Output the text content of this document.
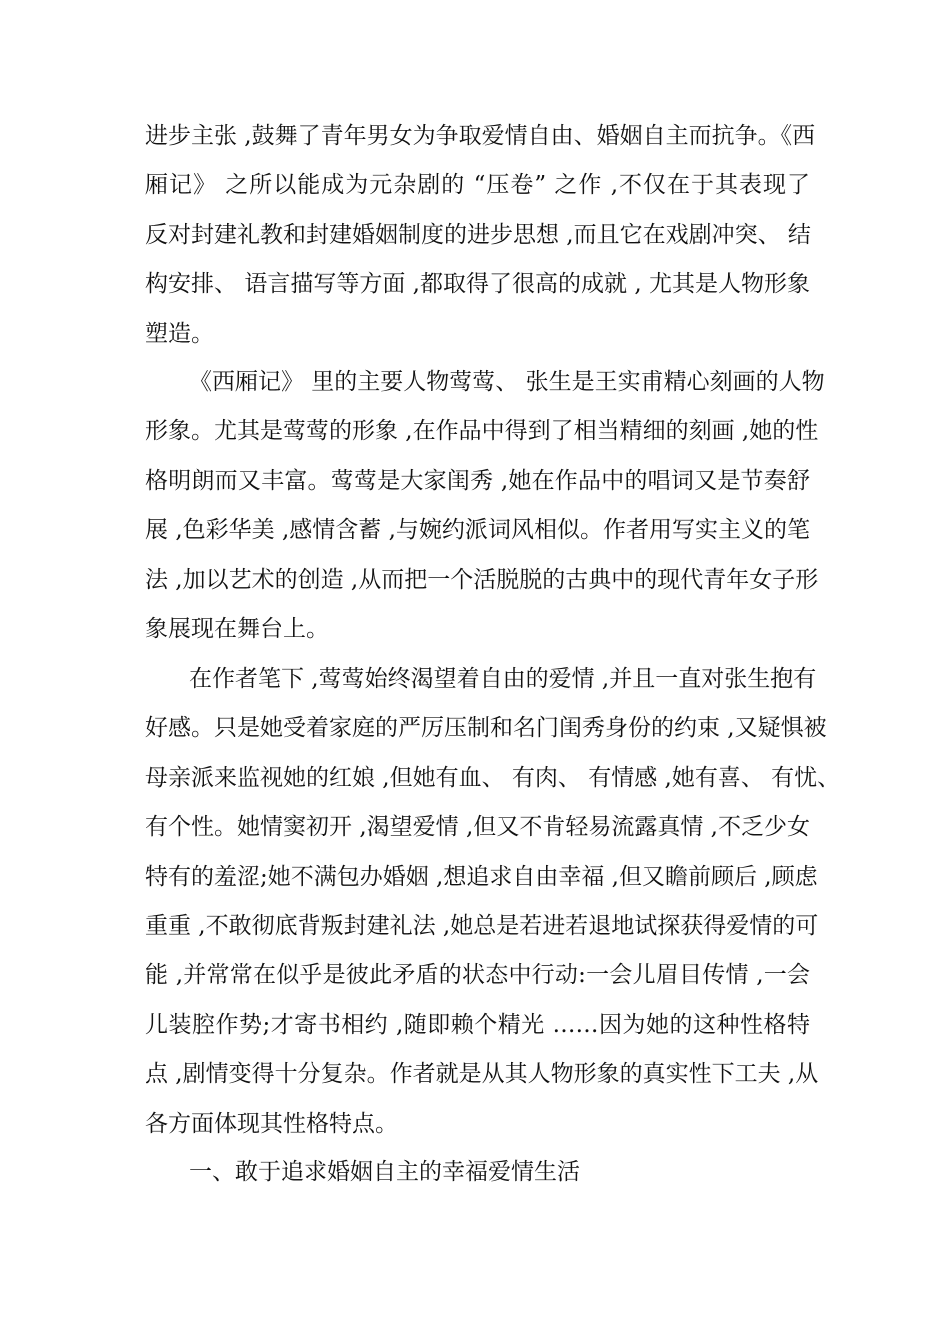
进步主张 ,鼓舞了青年男女为争取爱情自由、婚姻自主而抗争。《西
厢记》 之所以能成为元杂剧的 “压卷” 之作 ,不仅在于其表现了
反对封建礼教和封建婚姻制度的进步思想 ,而且它在戏剧冲突、 结
构安排、 语言描写等方面 ,都取得了很高的成就 , 尤其是人物形象
塑造。
《西厢记》 里的主要人物莺莺、 张生是王实甫精心刻画的人物
形象。尤其是莺莺的形象 ,在作品中得到了相当精细的刻画 ,她的性
格明朗而又丰富。莺莺是大家闺秀 ,她在作品中的唱词又是节奏舒
展 ,色彩华美 ,感情含蓄 ,与婉约派词风相似。作者用写实主义的笔
法 ,加以艺术的创造 ,从而把一个活脱脱的古典中的现代青年女子形
象展现在舞台上。
在作者笔下 ,莺莺始终渴望着自由的爱情 ,并且一直对张生抱有
好感。只是她受着家庭的严厉压制和名门闺秀身份的约束 ,又疑惧被
母亲派来监视她的红娘 ,但她有血、 有肉、 有情感 ,她有喜、 有忧、
有个性。她情窦初开 ,渴望爱情 ,但又不肯轻易流露真情 ,不乏少女
特有的羞涩;她不满包办婚姻 ,想追求自由幸福 ,但又瞻前顾后 ,顾虑
重重 ,不敢彻底背叛封建礼法 ,她总是若进若退地试探获得爱情的可
能 ,并常常在似乎是彼此矛盾的状态中行动:一会儿眉目传情 ,一会
儿装腔作势;才寄书相约 ,随即赖个精光 ……因为她的这种性格特
点 ,剧情变得十分复杂。作者就是从其人物形象的真实性下工夫 ,从
各方面体现其性格特点。
一、敢于追求婚姻自主的幸福爱情生活
